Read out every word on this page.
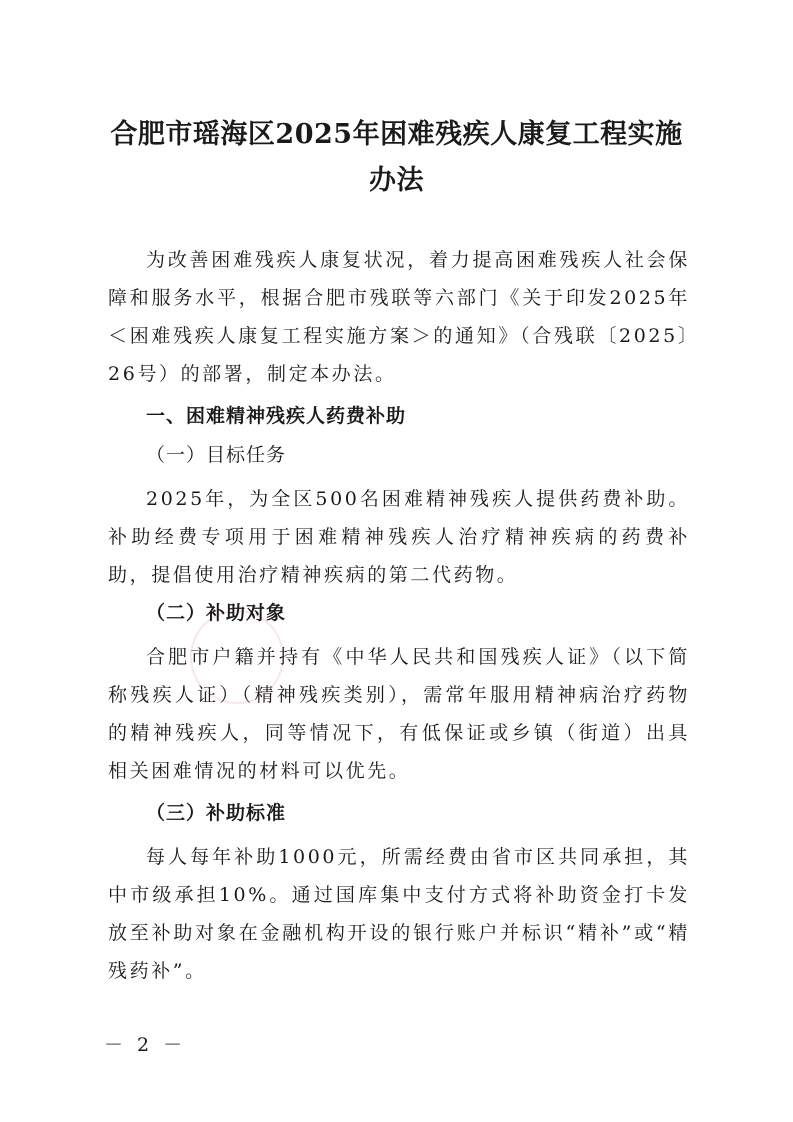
合肥市瑶海区2025年困难残疾人康复工程实施办法

为改善困难残疾人康复状况，着力提高困难残疾人社会保障和服务水平，根据合肥市残联等六部门《关于印发2025年＜困难残疾人康复工程实施方案＞的通知》（合残联〔2025〕26号）的部署，制定本办法。

一、困难精神残疾人药费补助

（一）目标任务

2025年，为全区500名困难精神残疾人提供药费补助。补助经费专项用于困难精神残疾人治疗精神疾病的药费补助，提倡使用治疗精神疾病的第二代药物。

（二）补助对象

合肥市户籍并持有《中华人民共和国残疾人证》（以下简称残疾人证）（精神残疾类别），需常年服用精神病治疗药物的精神残疾人，同等情况下，有低保证或乡镇（街道）出具相关困难情况的材料可以优先。

（三）补助标准

每人每年补助1000元，所需经费由省市区共同承担，其中市级承担10%。通过国库集中支付方式将补助资金打卡发放至补助对象在金融机构开设的银行账户并标识“精补”或“精残药补”。

－ 2 －
